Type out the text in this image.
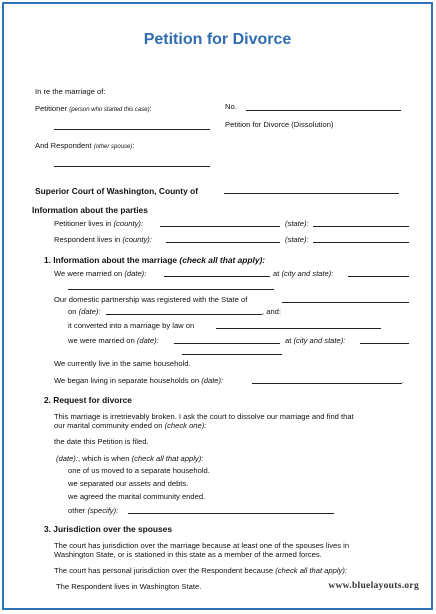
Petition for Divorce
In re the marriage of:
Petitioner (person who started this case):	No.
Petition for Divorce (Dissolution)
And Respondent (other spouse):
Superior Court of Washington, County of
Information about the parties
Petitioner lives in (county):	(state):
Respondent lives in (county):	(state):
1. Information about the marriage (check all that apply):
We were married on (date):	at (city and state):
Our domestic partnership was registered with the State of
on (date):	, and:
it converted into a marriage by law on
we were married on (date):	at (city and state):
We currently live in the same household.
We began living in separate households on (date):	.
2. Request for divorce
This marriage is irretrievably broken. I ask the court to dissolve our marriage and find that
our marital community ended on (check one):
the date this Petition is filed.
(date):, which is when (check all that apply):
one of us moved to a separate household.
we separated our assets and debts.
we agreed the marital community ended.
other (specify):
3. Jurisdiction over the spouses
The court has jurisdiction over the marriage because at least one of the spouses lives in
Washington State, or is stationed in this state as a member of the armed forces.
The court has personal jurisdiction over the Respondent because (check all that apply):
The Respondent lives in Washington State.	www.bluelayouts.org
